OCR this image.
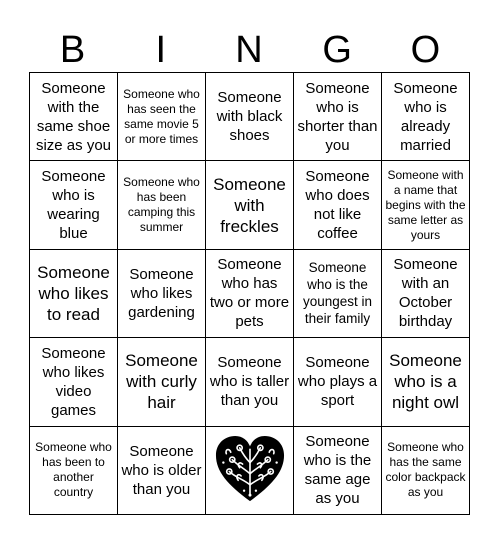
B	I	N	G	O
Someone with the same shoe size as you
Someone who has seen the same movie 5 or more times
Someone with black shoes
Someone who is shorter than you
Someone who is already married
Someone who is wearing blue
Someone who has been camping this summer
Someone with freckles
Someone who does not like coffee
Someone with a name that begins with the same letter as yours
Someone who likes to read
Someone who likes gardening
Someone who has two or more pets
Someone who is the youngest in their family
Someone with an October birthday
Someone who likes video games
Someone with curly hair
Someone who is taller than you
Someone who plays a sport
Someone who is a night owl
Someone who has been to another country
Someone who is older than you
Someone who is the same age as you
Someone who has the same color backpack as you
